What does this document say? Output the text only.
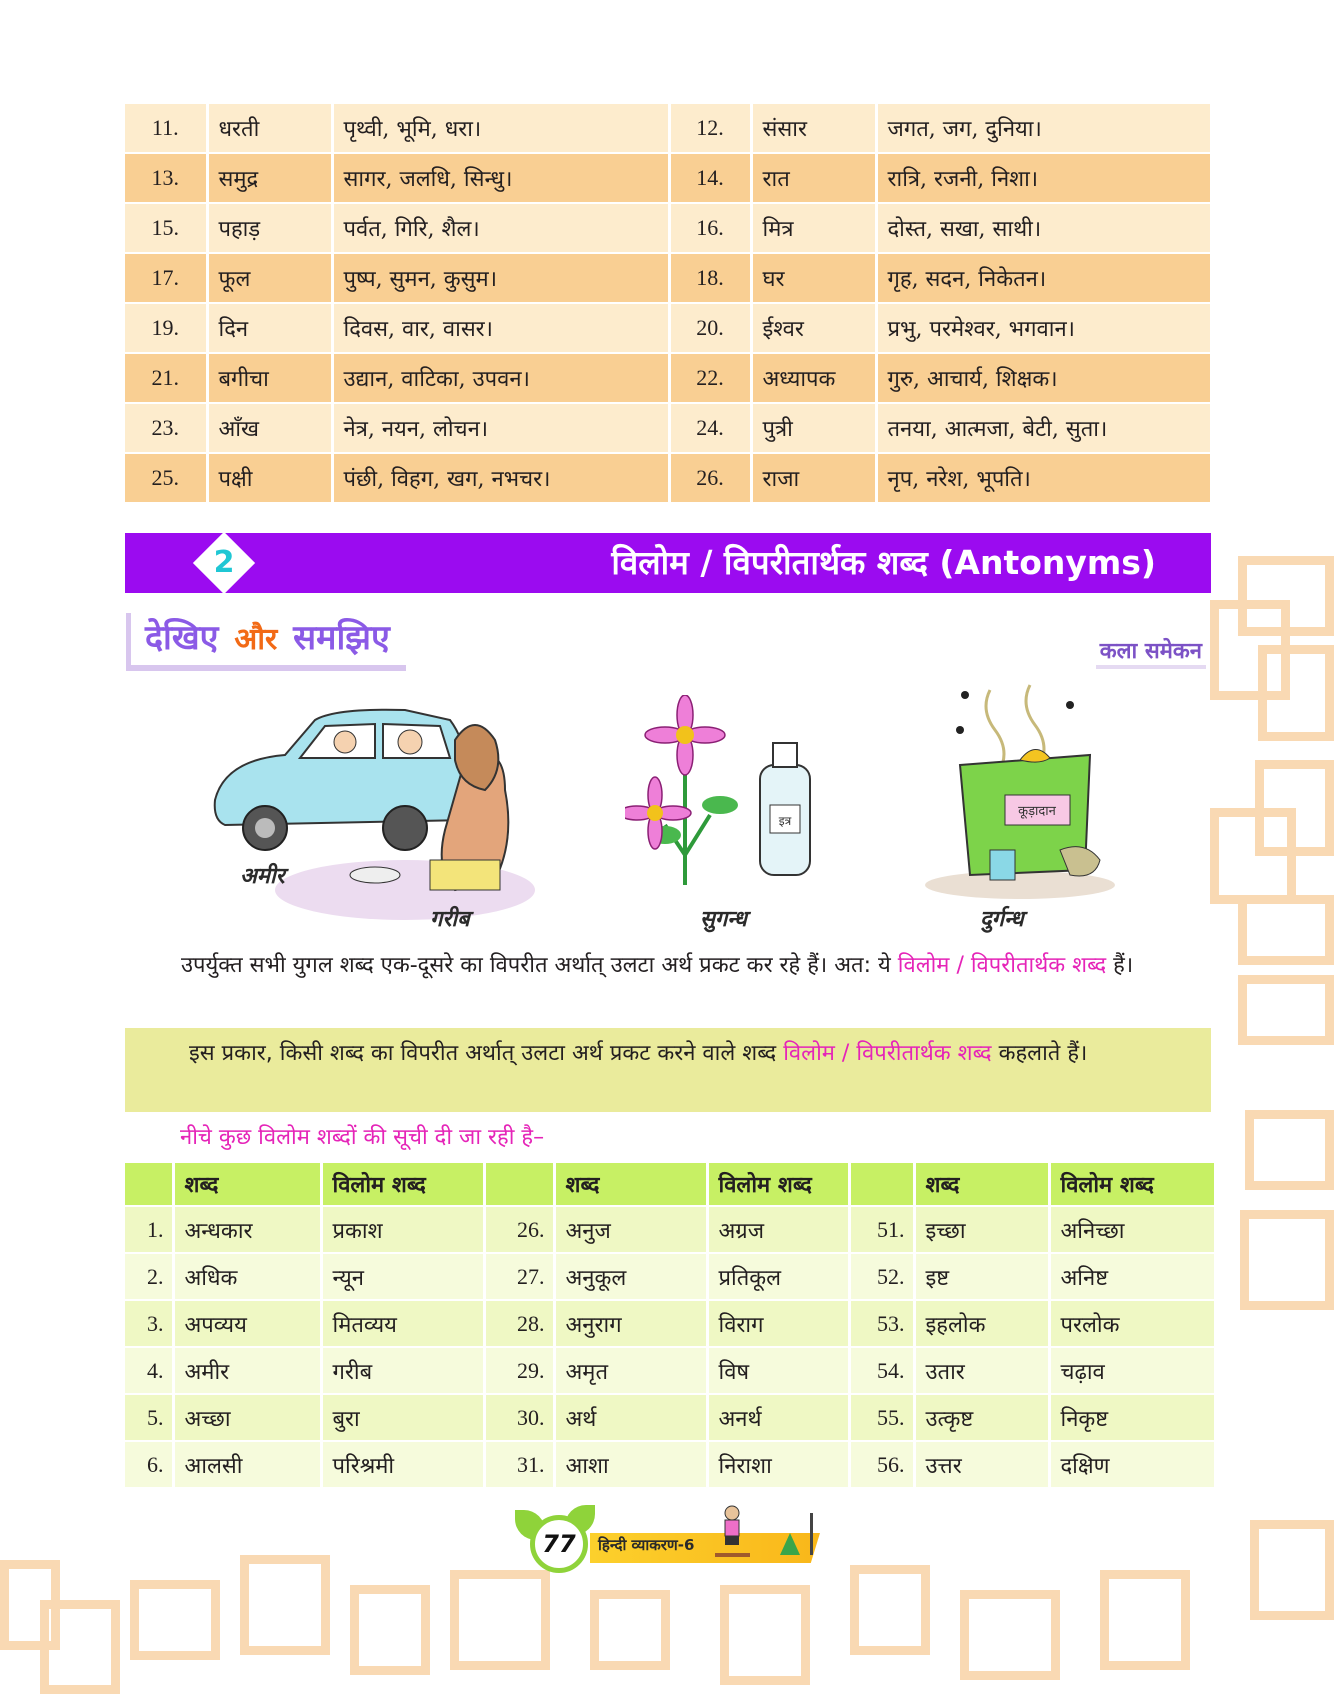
11.	धरती	पृथ्वी, भूमि, धरा।	12.	संसार	जगत, जग, दुनिया।
13.	समुद्र	सागर, जलधि, सिन्धु।	14.	रात	रात्रि, रजनी, निशा।
15.	पहाड़	पर्वत, गिरि, शैल।	16.	मित्र	दोस्त, सखा, साथी।
17.	फूल	पुष्प, सुमन, कुसुम।	18.	घर	गृह, सदन, निकेतन।
19.	दिन	दिवस, वार, वासर।	20.	ईश्वर	प्रभु, परमेश्वर, भगवान।
21.	बगीचा	उद्यान, वाटिका, उपवन।	22.	अध्यापक	गुरु, आचार्य, शिक्षक।
23.	आँख	नेत्र, नयन, लोचन।	24.	पुत्री	तनया, आत्मजा, बेटी, सुता।
25.	पक्षी	पंछी, विहग, खग, नभचर।	26.	राजा	नृप, नरेश, भूपति।
2	विलोम / विपरीतार्थक शब्द (Antonyms)
देखिए और समझिए	कला समेकन
अमीर
गरीब
इत्र
सुगन्ध
कूड़ादान
दुर्गन्ध
उपर्युक्त सभी युगल शब्द एक-दूसरे का विपरीत अर्थात् उलटा अर्थ प्रकट कर रहे हैं। अत: ये विलोम / विपरीतार्थक शब्द हैं।
इस प्रकार, किसी शब्द का विपरीत अर्थात् उलटा अर्थ प्रकट करने वाले शब्द विलोम / विपरीतार्थक शब्द कहलाते हैं।
नीचे कुछ विलोम शब्दों की सूची दी जा रही है–
	शब्द	विलोम शब्द		शब्द	विलोम शब्द		शब्द	विलोम शब्द
1.	अन्धकार	प्रकाश	26.	अनुज	अग्रज	51.	इच्छा	अनिच्छा
2.	अधिक	न्यून	27.	अनुकूल	प्रतिकूल	52.	इष्ट	अनिष्ट
3.	अपव्यय	मितव्यय	28.	अनुराग	विराग	53.	इहलोक	परलोक
4.	अमीर	गरीब	29.	अमृत	विष	54.	उतार	चढ़ाव
5.	अच्छा	बुरा	30.	अर्थ	अनर्थ	55.	उत्कृष्ट	निकृष्ट
6.	आलसी	परिश्रमी	31.	आशा	निराशा	56.	उत्तर	दक्षिण
77	हिन्दी व्याकरण-6
